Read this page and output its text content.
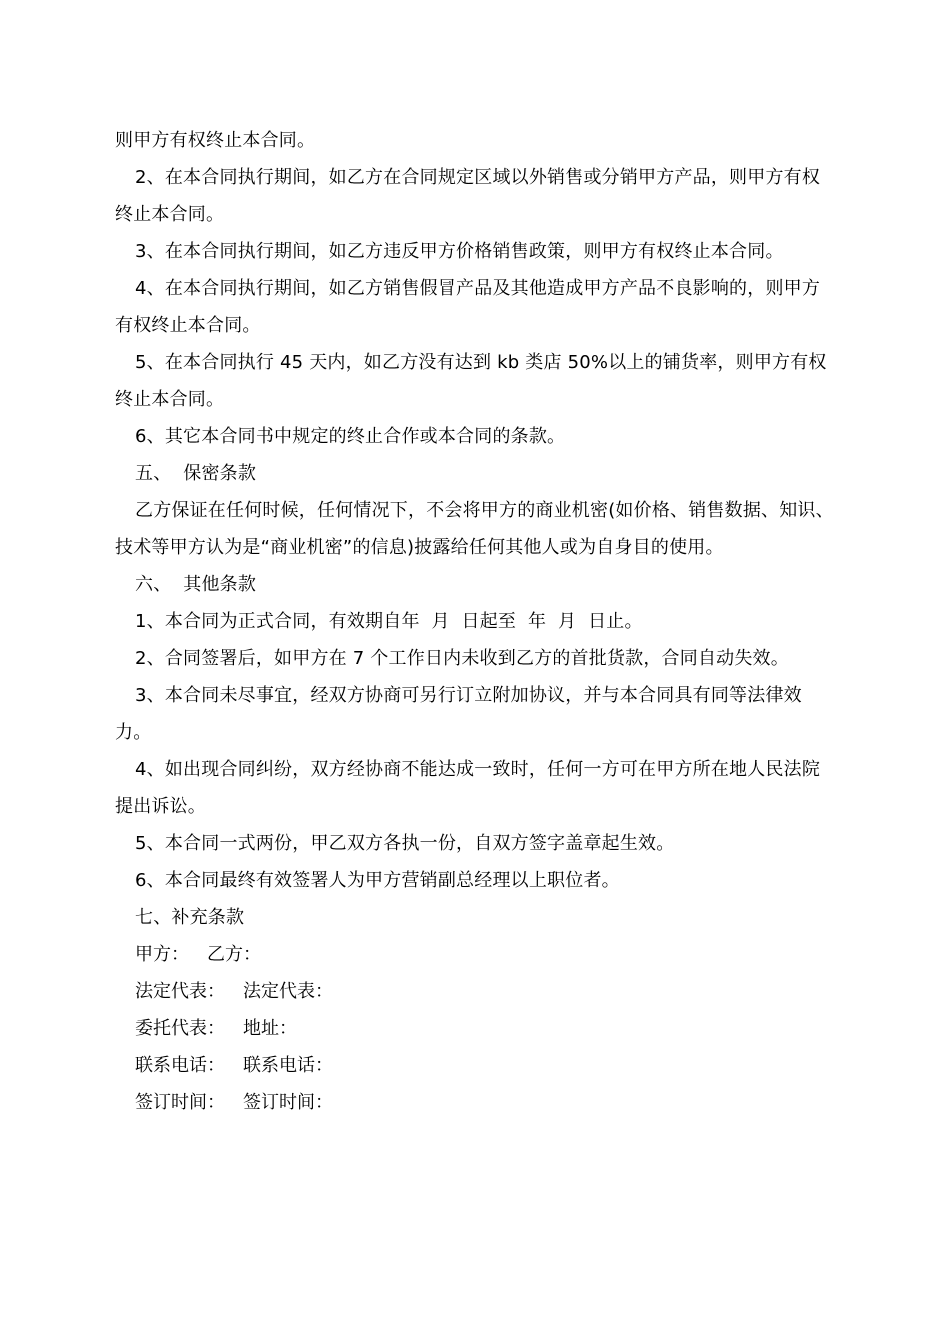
则甲方有权终止本合同。

2、在本合同执行期间，如乙方在合同规定区域以外销售或分销甲方产品，则甲方有权终止本合同。

3、在本合同执行期间，如乙方违反甲方价格销售政策，则甲方有权终止本合同。

4、在本合同执行期间，如乙方销售假冒产品及其他造成甲方产品不良影响的，则甲方有权终止本合同。

5、在本合同执行 45 天内，如乙方没有达到 kb 类店 50%以上的铺货率，则甲方有权终止本合同。

6、其它本合同书中规定的终止合作或本合同的条款。

五、  保密条款

乙方保证在任何时候，任何情况下，不会将甲方的商业机密(如价格、销售数据、知识、技术等甲方认为是“商业机密”的信息)披露给任何其他人或为自身目的使用。

六、  其他条款

1、本合同为正式合同，有效期自年  月  日起至  年  月  日止。

2、合同签署后，如甲方在 7 个工作日内未收到乙方的首批货款，合同自动失效。

3、本合同未尽事宜，经双方协商可另行订立附加协议，并与本合同具有同等法律效力。

4、如出现合同纠纷，双方经协商不能达成一致时，任何一方可在甲方所在地人民法院提出诉讼。

5、本合同一式两份，甲乙双方各执一份，自双方签字盖章起生效。

6、本合同最终有效签署人为甲方营销副总经理以上职位者。

七、补充条款

甲方： 乙方：
法定代表： 法定代表：
委托代表： 地址：
联系电话： 联系电话：
签订时间： 签订时间：
